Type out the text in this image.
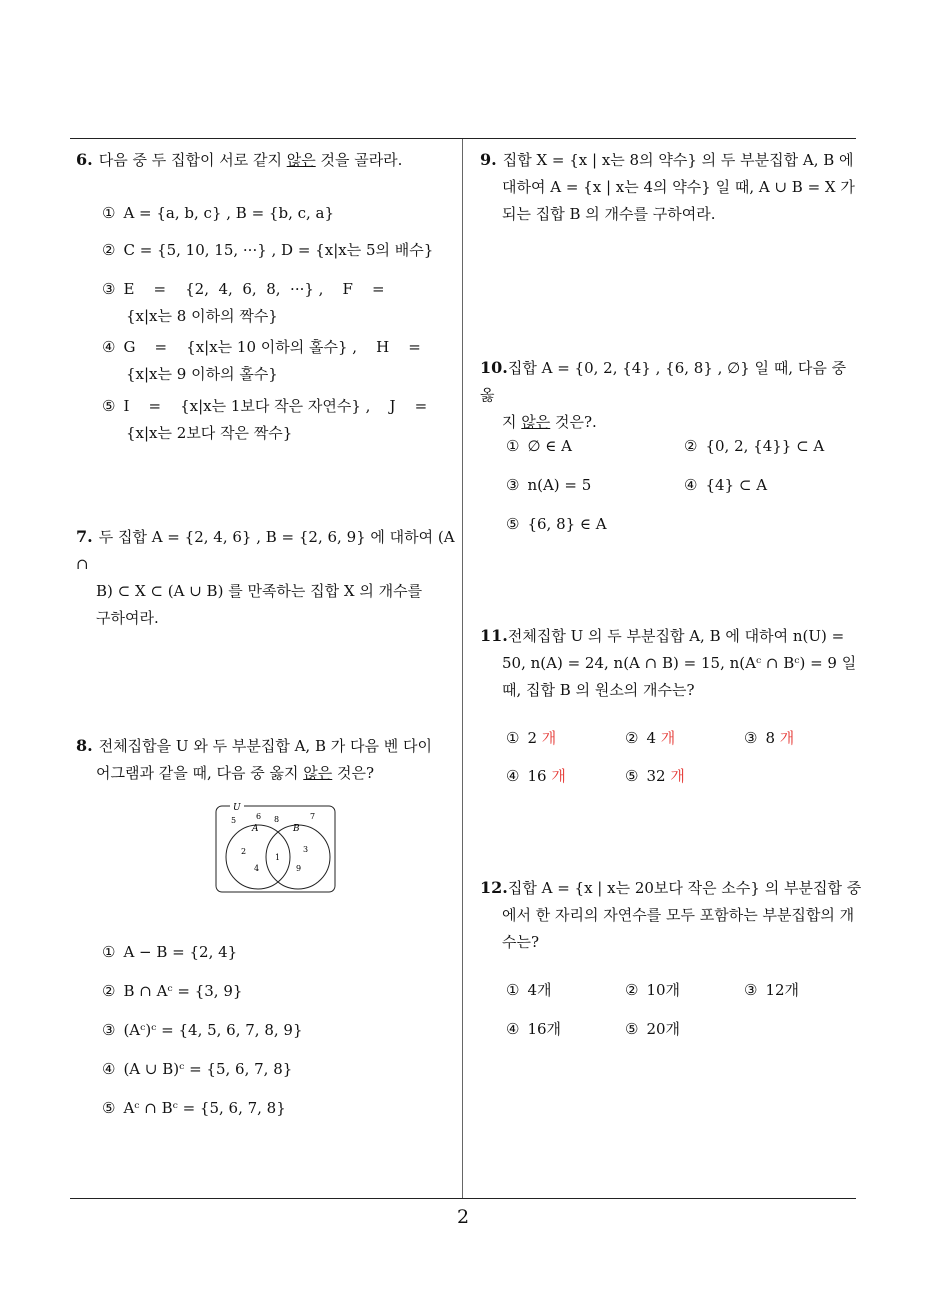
6. 다음 중 두 집합이 서로 같지 않은 것을 골라라.
① A = {a, b, c} , B = {b, c, a}
② C = {5, 10, 15, ···} , D = {x|x는 5의 배수}
③ E    =    {2,  4,  6,  8,  ···} ,    F    =
{x|x는 8 이하의 짝수}
④ G    =    {x|x는 10 이하의 홀수} ,    H    =
{x|x는 9 이하의 홀수}
⑤ I    =    {x|x는 1보다 작은 자연수} ,    J    =
{x|x는 2보다 작은 짝수}
7. 두 집합 A = {2, 4, 6} , B = {2, 6, 9} 에 대하여 (A ∩
B) ⊂ X ⊂ (A ∪ B) 를 만족하는 집합 X 의 개수를
구하여라.
8. 전체집합을 U 와 두 부분집합 A, B 가 다음 벤 다이
어그램과 같을 때, 다음 중 옳지 않은 것은?
U
A	B
5 6 8	7
2
4
1
3
9
① A − B = {2, 4}
② B ∩ Aᶜ = {3, 9}
③ (Aᶜ)ᶜ = {4, 5, 6, 7, 8, 9}
④ (A ∪ B)ᶜ = {5, 6, 7, 8}
⑤ Aᶜ ∩ Bᶜ = {5, 6, 7, 8}
9. 집합 X = {x | x는 8의 약수} 의 두 부분집합 A, B 에
대하여 A = {x | x는 4의 약수} 일 때, A ∪ B = X 가
되는 집합 B 의 개수를 구하여라.
10.집합 A = {0, 2, {4} , {6, 8} , ∅} 일 때, 다음 중 옳
지 않은 것은?.
① ∅ ∈ A	② {0, 2, {4}} ⊂ A
③ n(A) = 5	④ {4} ⊂ A
⑤ {6, 8} ∈ A
11.전체집합 U 의 두 부분집합 A, B 에 대하여 n(U) =
50, n(A) = 24, n(A ∩ B) = 15, n(Aᶜ ∩ Bᶜ) = 9 일
때, 집합 B 의 원소의 개수는?
① 2 개	② 4 개	③ 8 개
④ 16 개	⑤ 32 개
12.집합 A = {x | x는 20보다 작은 소수} 의 부분집합 중
에서 한 자리의 자연수를 모두 포함하는 부분집합의 개
수는?
① 4개	② 10개	③ 12개
④ 16개	⑤ 20개
2
